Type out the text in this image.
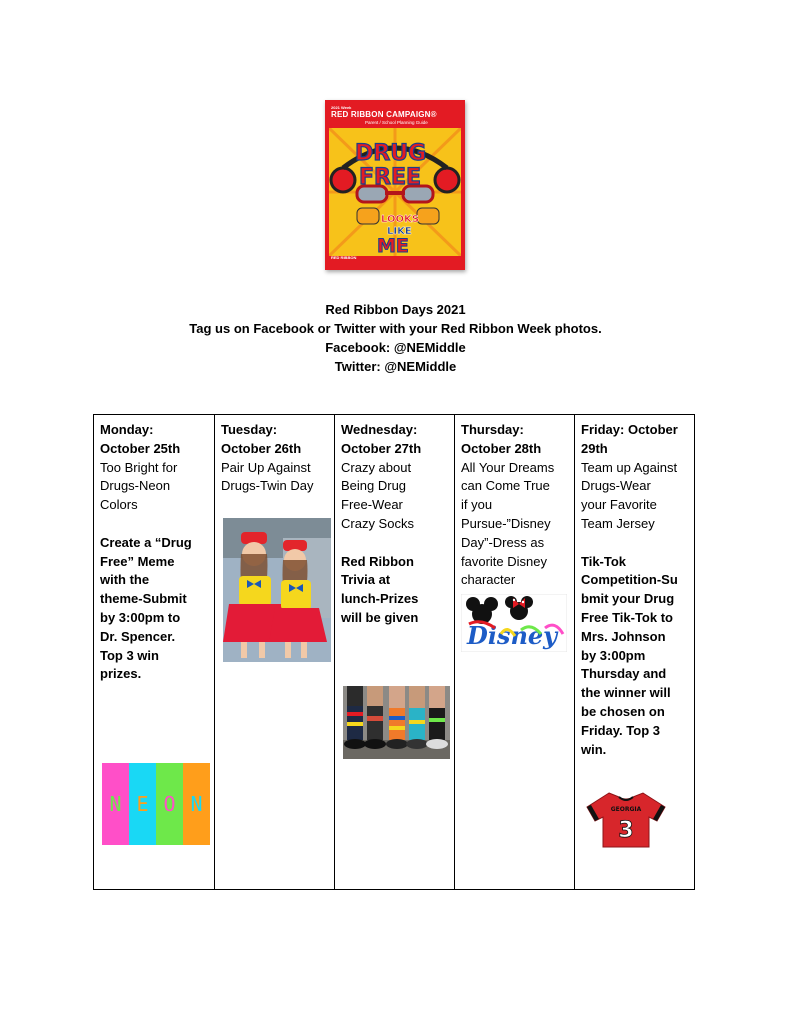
2021 Week
RED RIBBON CAMPAIGN®
Parent / School Planning Guide
DRUG
FREE
LOOKS
LIKE
ME
RED RIBBON
Red Ribbon Days 2021
Tag us on Facebook or Twitter with your Red Ribbon Week photos.
Facebook: @NEMiddle
Twitter: @NEMiddle
Monday:
October 25th
Too Bright for
Drugs-Neon
Colors
Create a “Drug
Free” Meme
with the
theme-Submit
by 3:00pm to
Dr. Spencer.
Top 3 win
prizes.
N E O N
Tuesday:
October 26th
Pair Up Against
Drugs-Twin Day
Wednesday:
October 27th
Crazy about
Being Drug
Free-Wear
Crazy Socks
Red Ribbon
Trivia at
lunch-Prizes
will be given
Thursday:
October 28th
All Your Dreams
can Come True
if you
Pursue-”Disney
Day”-Dress as
favorite Disney
character
Disney
Friday: October
29th
Team up Against
Drugs-Wear
your Favorite
Team Jersey
Tik-Tok
Competition-Su
bmit your Drug
Free Tik-Tok to
Mrs. Johnson
by 3:00pm
Thursday and
the winner will
be chosen on
Friday. Top 3
win.
GEORGIA
3
